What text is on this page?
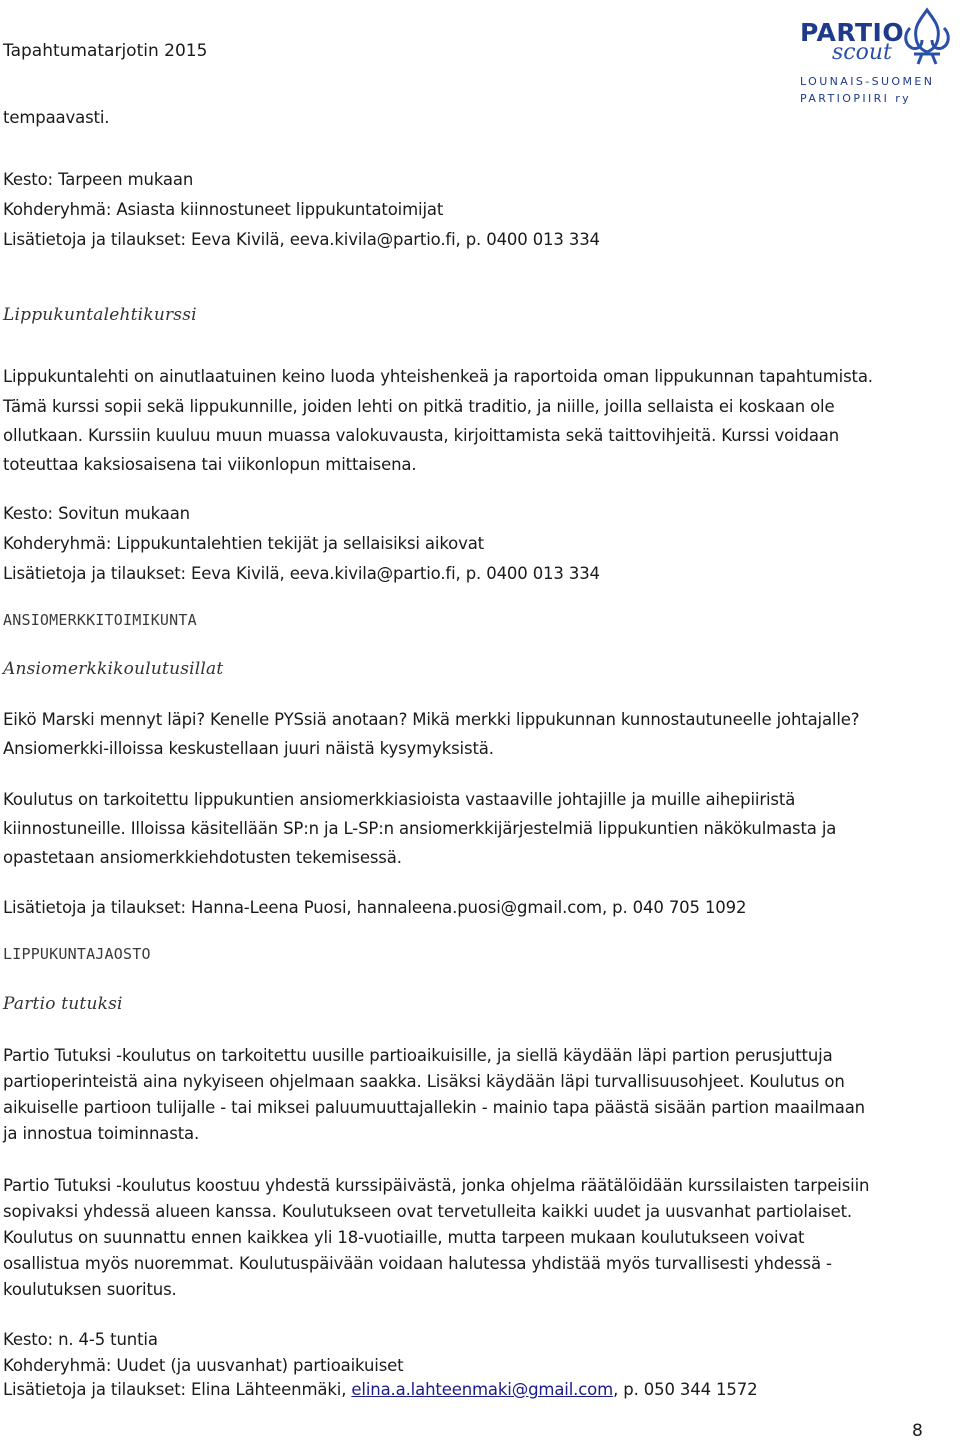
Tapahtumatarjotin 2015
PARTIO
scout
LOUNAIS-SUOMEN
PARTIOPIIRI ry
tempaavasti.
Kesto: Tarpeen mukaan
Kohderyhmä: Asiasta kiinnostuneet lippukuntatoimijat
Lisätietoja ja tilaukset: Eeva Kivilä, eeva.kivila@partio.fi, p. 0400 013 334
Lippukuntalehtikurssi
Lippukuntalehti on ainutlaatuinen keino luoda yhteishenkeä ja raportoida oman lippukunnan tapahtumista.
Tämä kurssi sopii sekä lippukunnille, joiden lehti on pitkä traditio, ja niille, joilla sellaista ei koskaan ole
ollutkaan. Kurssiin kuuluu muun muassa valokuvausta, kirjoittamista sekä taittovihjeitä. Kurssi voidaan
toteuttaa kaksiosaisena tai viikonlopun mittaisena.
Kesto: Sovitun mukaan
Kohderyhmä: Lippukuntalehtien tekijät ja sellaisiksi aikovat
Lisätietoja ja tilaukset: Eeva Kivilä, eeva.kivila@partio.fi, p. 0400 013 334
ANSIOMERKKITOIMIKUNTA
Ansiomerkkikoulutusillat
Eikö Marski mennyt läpi? Kenelle PYSsiä anotaan? Mikä merkki lippukunnan kunnostautuneelle johtajalle?
Ansiomerkki-illoissa keskustellaan juuri näistä kysymyksistä.
Koulutus on tarkoitettu lippukuntien ansiomerkkiasioista vastaaville johtajille ja muille aihepiiristä
kiinnostuneille. Illoissa käsitellään SP:n ja L-SP:n ansiomerkkijärjestelmiä lippukuntien näkökulmasta ja
opastetaan ansiomerkkiehdotusten tekemisessä.
Lisätietoja ja tilaukset: Hanna-Leena Puosi, hannaleena.puosi@gmail.com, p. 040 705 1092
LIPPUKUNTAJAOSTO
Partio tutuksi
Partio Tutuksi -koulutus on tarkoitettu uusille partioaikuisille, ja siellä käydään läpi partion perusjuttuja
partioperinteistä aina nykyiseen ohjelmaan saakka. Lisäksi käydään läpi turvallisuusohjeet. Koulutus on
aikuiselle partioon tulijalle - tai miksei paluumuuttajallekin - mainio tapa päästä sisään partion maailmaan
ja innostua toiminnasta.
Partio Tutuksi -koulutus koostuu yhdestä kurssipäivästä, jonka ohjelma räätälöidään kurssilaisten tarpeisiin
sopivaksi yhdessä alueen kanssa. Koulutukseen ovat tervetulleita kaikki uudet ja uusvanhat partiolaiset.
Koulutus on suunnattu ennen kaikkea yli 18-vuotiaille, mutta tarpeen mukaan koulutukseen voivat
osallistua myös nuoremmat. Koulutuspäivään voidaan halutessa yhdistää myös turvallisesti yhdessä -
koulutuksen suoritus.
Kesto: n. 4-5 tuntia
Kohderyhmä: Uudet (ja uusvanhat) partioaikuiset
Lisätietoja ja tilaukset: Elina Lähteenmäki, elina.a.lahteenmaki@gmail.com, p. 050 344 1572
8
